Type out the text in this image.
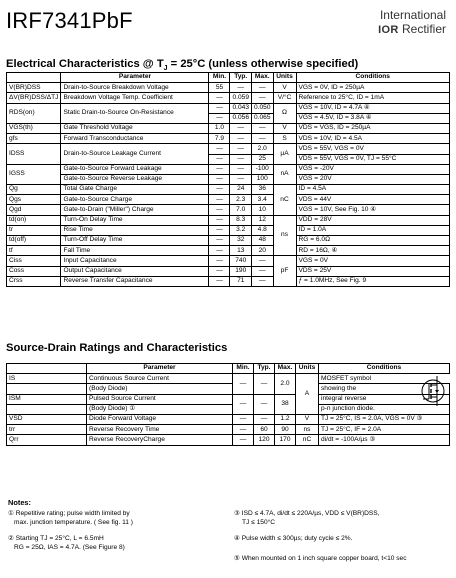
IRF7341PbF	International
IOR Rectifier
Electrical Characteristics @ $T_J = 25^\circ C$ (unless otherwise specified)
	Parameter	Min.	Typ.	Max.	Units	Conditions
V(BR)DSS	Drain-to-Source Breakdown Voltage	55	—	—	V	VGS = 0V, ID = 250µA
ΔV(BR)DSS/ΔTJ	Breakdown Voltage Temp. Coefficient	—	0.059	—	V/°C	Reference to 25°C, ID = 1mA
RDS(on)	Static Drain-to-Source On-Resistance	—	0.043	0.050	Ω	VGS = 10V, ID = 4.7A ④
		—	0.056	0.065		VGS = 4.5V, ID = 3.8A ④
VGS(th)	Gate Threshold Voltage	1.0	—	—	V	VDS = VGS, ID = 250µA
gfs	Forward Transconductance	7.9	—	—	S	VDS = 10V, ID = 4.5A
IDSS	Drain-to-Source Leakage Current	—	—	2.0	µA	VDS = 55V, VGS = 0V
		—	—	25		VDS = 55V, VGS = 0V, TJ = 55°C
IGSS	Gate-to-Source Forward Leakage	—	—	-100	nA	VGS = -20V
	Gate-to-Source Reverse Leakage	—	—	100		VGS = 20V
Qg	Total Gate Charge	—	24	36	nC	ID = 4.5A
Qgs	Gate-to-Source Charge	—	2.3	3.4		VDS = 44V
Qgd	Gate-to-Drain ("Miller") Charge	—	7.0	10		VGS = 10V, See Fig. 10 ④
td(on)	Turn-On Delay Time	—	8.3	12	ns	VDD = 28V
tr	Rise Time	—	3.2	4.8		ID = 1.0A
td(off)	Turn-Off Delay Time	—	32	48		RG = 6.0Ω
tf	Fall Time	—	13	20		RD = 16Ω, ④
Ciss	Input Capacitance	—	740	—	pF	VGS = 0V
Coss	Output Capacitance	—	190	—		VDS = 25V
Crss	Reverse Transfer Capacitance	—	71	—		ƒ = 1.0MHz, See Fig. 9
Source-Drain Ratings and Characteristics
	Parameter	Min.	Typ.	Max.	Units	Conditions
IS	Continuous Source Current	—	—	2.0	A	MOSFET symbol
	(Body Diode)					showing the
ISM	Pulsed Source Current	—	—	38		integral reverse
	(Body Diode) ①					p-n junction diode.
VSD	Diode Forward Voltage	—	—	1.2	V	TJ = 25°C, IS = 2.0A, VGS = 0V ③
trr	Reverse Recovery Time	—	60	90	ns	TJ = 25°C, IF = 2.0A
Qrr	Reverse RecoveryCharge	—	120	170	nC	di/dt = -100A/µs ③
Notes:
① Repetitive rating; pulse width limited by
max. junction temperature. ( See fig. 11 )
② Starting TJ = 25°C, L = 6.5mH
RG = 25Ω, IAS = 4.7A. (See Figure 8)
③ ISD ≤ 4.7A, di/dt ≤ 220A/µs, VDD ≤ V(BR)DSS,
TJ ≤ 150°C
④ Pulse width ≤ 300µs; duty cycle ≤ 2%.
⑤ When mounted on 1 inch square copper board, t<10 sec
